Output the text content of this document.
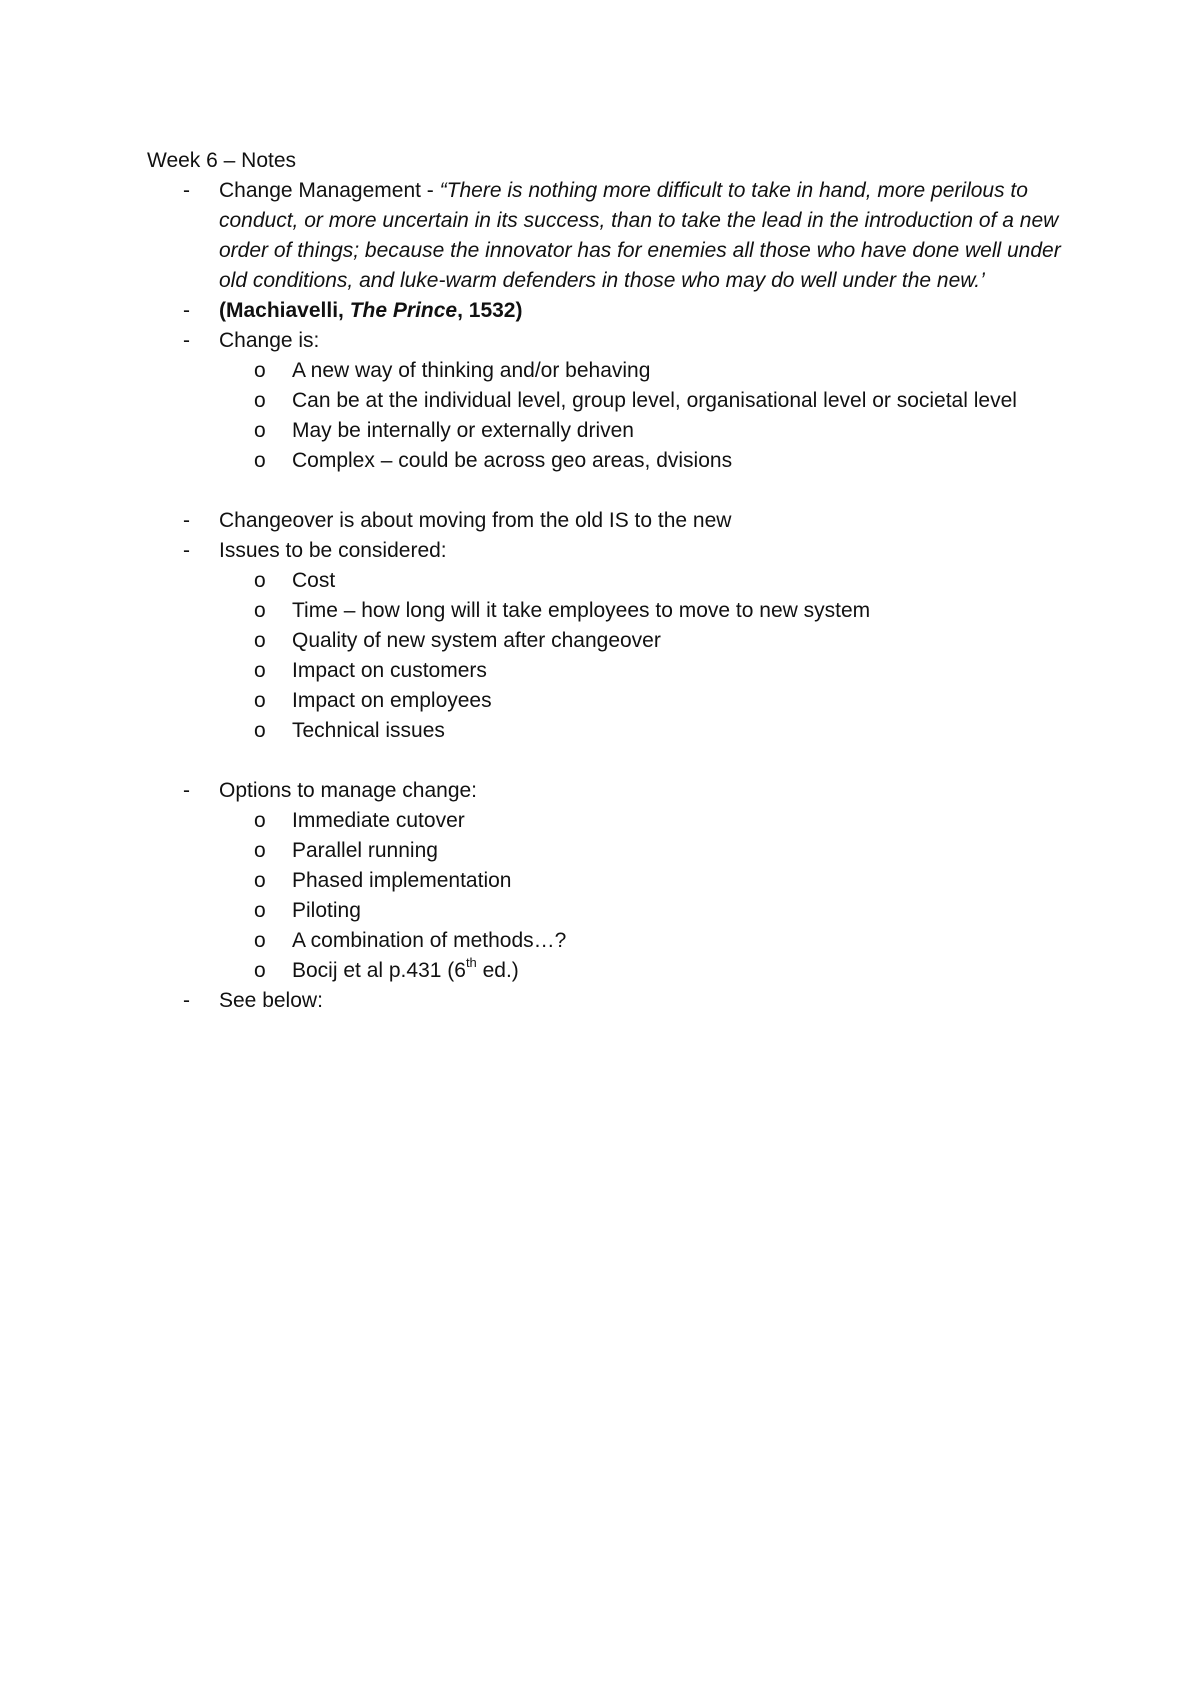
Week 6 – Notes

-	Change Management - “There is nothing more difficult to take in hand, more perilous to conduct, or more uncertain in its success, than to take the lead in the introduction of a new order of things; because the innovator has for enemies all those who have done well under old conditions, and luke-warm defenders in those who may do well under the new.’
-	(Machiavelli, The Prince, 1532)
-	Change is:
o	A new way of thinking and/or behaving
o	Can be at the individual level, group level, organisational level or societal level
o	May be internally or externally driven
o	Complex – could be across geo areas, dvisions
-	Changeover is about moving from the old IS to the new
-	Issues to be considered:
o	Cost
o	Time – how long will it take employees to move to new system
o	Quality of new system after changeover
o	Impact on customers
o	Impact on employees
o	Technical issues
-	Options to manage change:
o	Immediate cutover
o	Parallel running
o	Phased implementation
o	Piloting
o	A combination of methods…?
o	Bocij et al p.431 (6th ed.)
-	See below:
